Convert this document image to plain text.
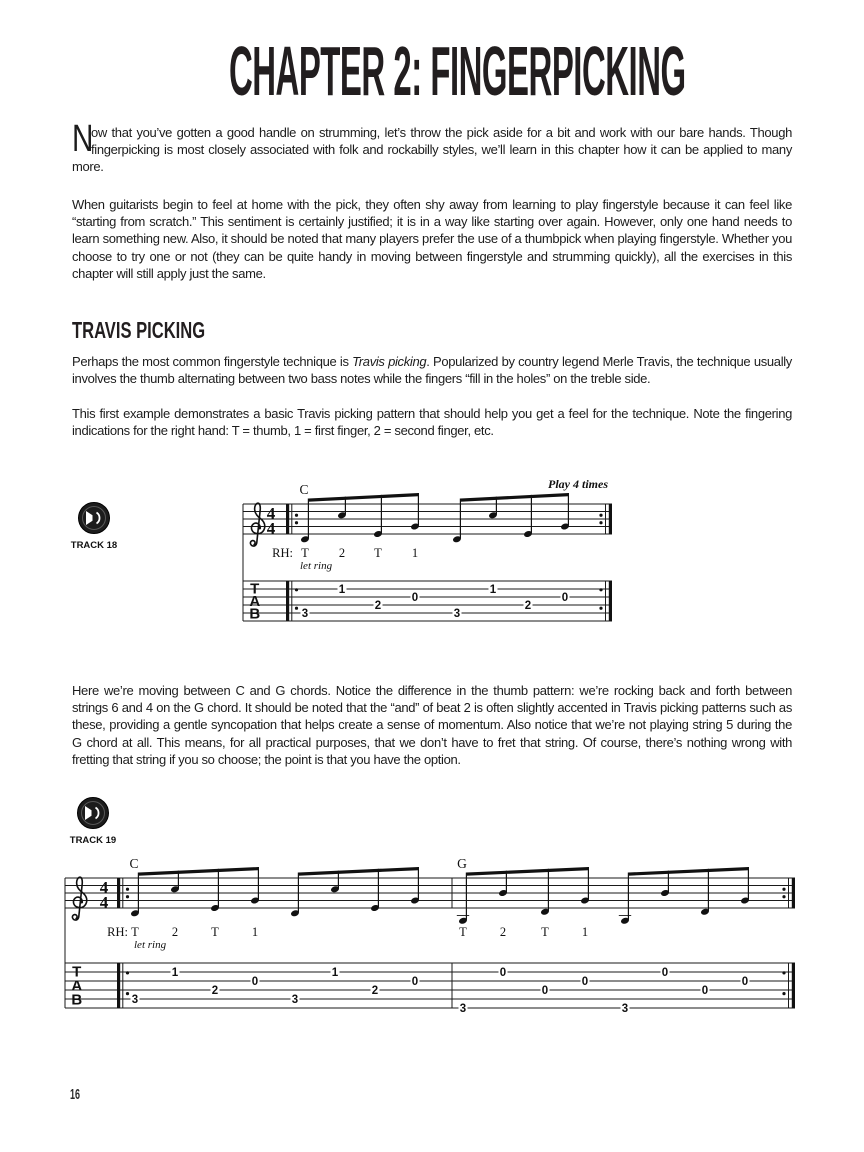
CHAPTER 2: FINGERPICKING

N
ow that you’ve gotten a good handle on strumming, let’s throw the pick aside for a bit and work with our bare hands. Though fingerpicking is most closely associated with folk and rockabilly styles, we’ll learn in this chapter how it can be applied to many more.

When guitarists begin to feel at home with the pick, they often shy away from learning to play fingerstyle because it can feel like “starting from scratch.” This sentiment is certainly justified; it is in a way like starting over again. However, only one hand needs to learn something new. Also, it should be noted that many players prefer the use of a thumbpick when playing fingerstyle. Whether you choose to try one or not (they can be quite handy in moving between fingerstyle and strumming quickly), all the exercises in this chapter will still apply just the same.

TRAVIS PICKING

Perhaps the most common fingerstyle technique is Travis picking. Popularized by country legend Merle Travis, the technique usually involves the thumb alternating between two bass notes while the fingers “fill in the holes” on the treble side.

This first example demonstrates a basic Travis picking pattern that should help you get a feel for the technique. Note the fingering indications for the right hand: T = thumb, 1 = first finger, 2 = second finger, etc.

TRACK 18
4
4
T
A
B
Play 4 times
RH:
let ring
C
T 2 T 1
3
1
2
0
3
1
2
0

Here we’re moving between C and G chords. Notice the difference in the thumb pattern: we’re rocking back and forth between strings 6 and 4 on the G chord. It should be noted that the “and” of beat 2 is often slightly accented in Travis picking patterns such as these, providing a gentle syncopation that helps create a sense of momentum. Also notice that we’re not playing string 5 during the G chord at all. This means, for all practical purposes, that we don’t have to fret that string. Of course, there’s nothing wrong with fretting that string if you so choose; the point is that you have the option.

TRACK 19
4
4
T
A
B
RH:
let ring
C
T	2	T	1
3
1
2
0
3
1
2
0
G
T	2	T	1
3
0
0
0
3
0
0
0
16
